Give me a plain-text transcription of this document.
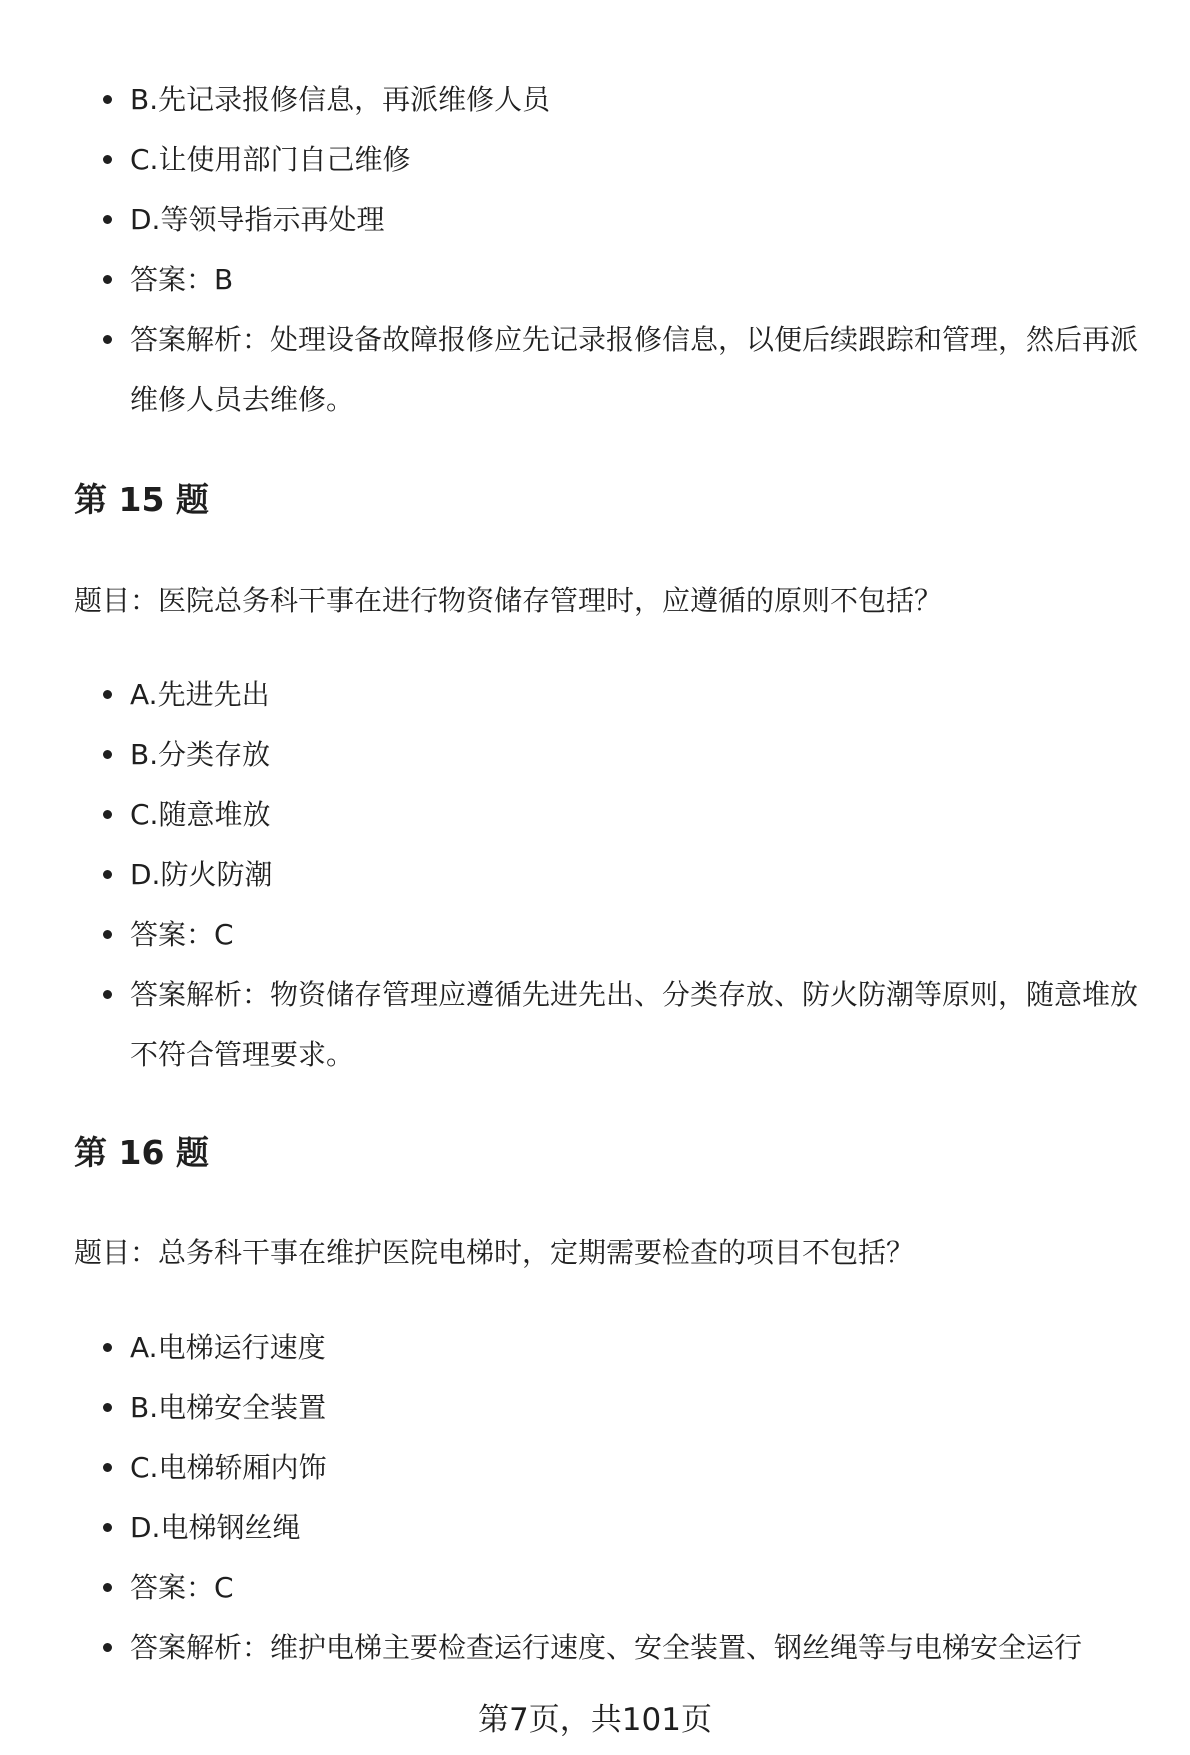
B.先记录报修信息，再派维修人员
C.让使用部门自己维修
D.等领导指示再处理
答案：B
答案解析：处理设备故障报修应先记录报修信息，以便后续跟踪和管理，然后再派维修人员去维修。
第 15 题

题目：医院总务科干事在进行物资储存管理时，应遵循的原则不包括？

A.先进先出
B.分类存放
C.随意堆放
D.防火防潮
答案：C
答案解析：物资储存管理应遵循先进先出、分类存放、防火防潮等原则，随意堆放不符合管理要求。
第 16 题

题目：总务科干事在维护医院电梯时，定期需要检查的项目不包括？

A.电梯运行速度
B.电梯安全装置
C.电梯轿厢内饰
D.电梯钢丝绳
答案：C
答案解析：维护电梯主要检查运行速度、安全装置、钢丝绳等与电梯安全运行
第7页，共101页
